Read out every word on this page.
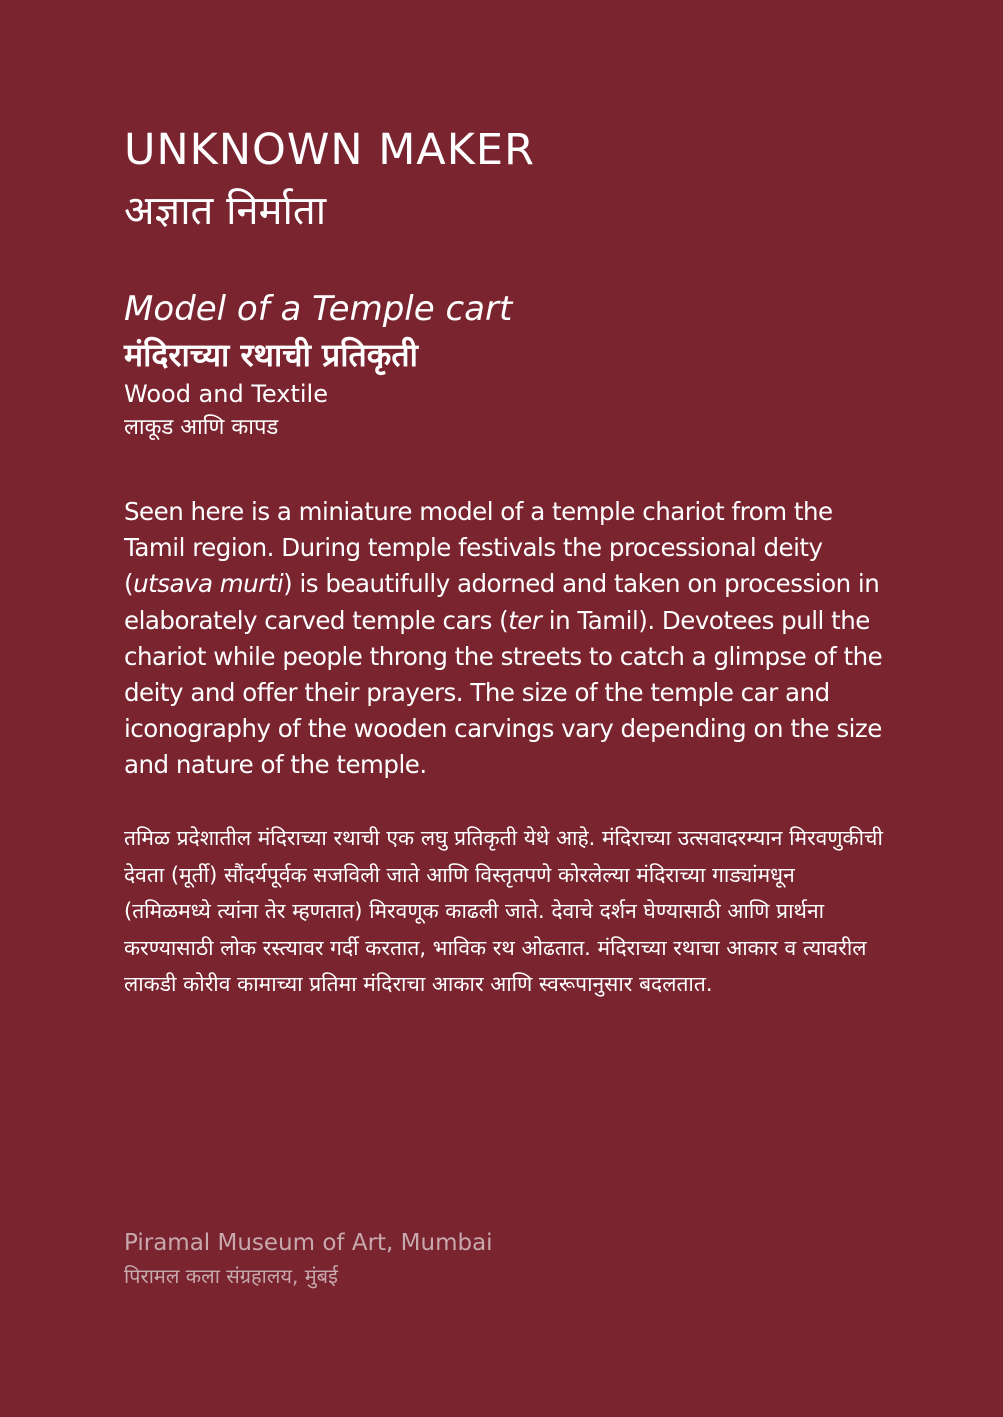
UNKNOWN MAKER
अज्ञात निर्माता
Model of a Temple cart
मंदिराच्या रथाची प्रतिकृती
Wood and Textile
लाकूड आणि कापड

Seen here is a miniature model of a temple chariot from the Tamil region. During temple festivals the processional deity (utsava murti) is beautifully adorned and taken on procession in elaborately carved temple cars (ter in Tamil). Devotees pull the chariot while people throng the streets to catch a glimpse of the deity and offer their prayers. The size of the temple car and iconography of the wooden carvings vary depending on the size and nature of the temple.

तमिळ प्रदेशातील मंदिराच्या रथाची एक लघु प्रतिकृती येथे आहे. मंदिराच्या उत्सवादरम्यान मिरवणुकीची देवता (मूर्ती) सौंदर्यपूर्वक सजविली जाते आणि विस्तृतपणे कोरलेल्या मंदिराच्या गाड्यांमधून (तमिळमध्ये त्यांना तेर म्हणतात) मिरवणूक काढली जाते. देवाचे दर्शन घेण्यासाठी आणि प्रार्थना करण्यासाठी लोक रस्त्यावर गर्दी करतात, भाविक रथ ओढतात. मंदिराच्या रथाचा आकार व त्यावरील लाकडी कोरीव कामाच्या प्रतिमा मंदिराचा आकार आणि स्वरूपानुसार बदलतात.

Piramal Museum of Art, Mumbai
पिरामल कला संग्रहालय, मुंबई
